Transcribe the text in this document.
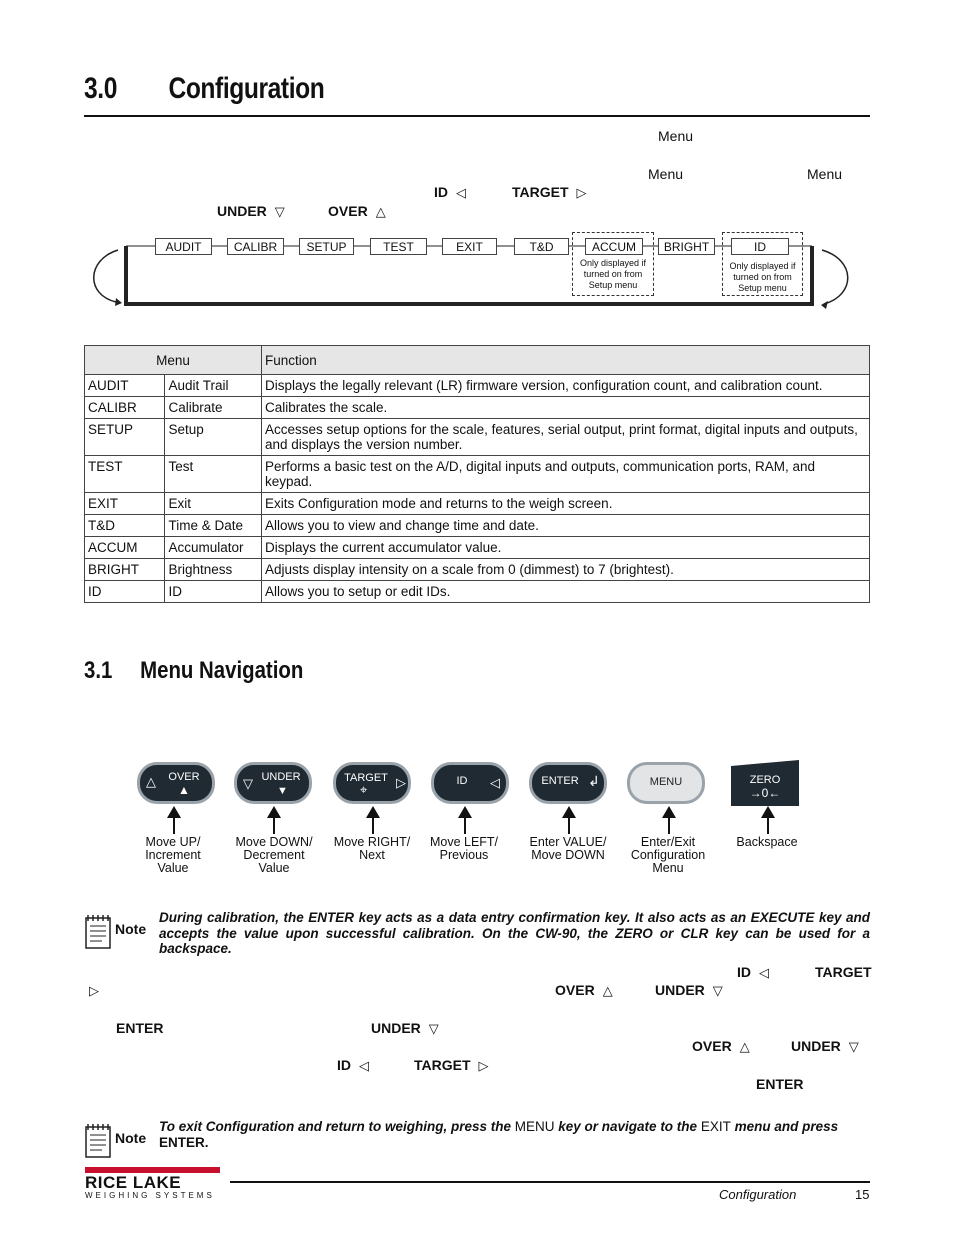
3.0 Configuration
Menu
Menu	Menu
ID ◁	TARGET ▷
UNDER ▽	OVER △
AUDIT	CALIBR	SETUP	TEST	EXIT	T&D	ACCUM	BRIGHT	ID
Only displayed if turned on from Setup menu
Only displayed if turned on from Setup menu
Menu		Function
AUDIT	Audit Trail	Displays the legally relevant (LR) firmware version, configuration count, and calibration count.
CALIBR	Calibrate	Calibrates the scale.
SETUP	Setup	Accesses setup options for the scale, features, serial output, print format, digital inputs and outputs, and displays the version number.
TEST	Test	Performs a basic test on the A/D, digital inputs and outputs, communication ports, RAM, and keypad.
EXIT	Exit	Exits Configuration mode and returns to the weigh screen.
T&D	Time & Date	Allows you to view and change time and date.
ACCUM	Accumulator	Displays the current accumulator value.
BRIGHT	Brightness	Adjusts display intensity on a scale from 0 (dimmest) to 7 (brightest).
ID	ID	Allows you to setup or edit IDs.
3.1 Menu Navigation
△	OVER
▲	▽ UNDER
▼
TARGET
⌖ ▷	ID	◁	ENTER ↲	MENU	ZERO
→0←
Move UP/
Increment
Value
Move DOWN/
Decrement
Value
Move RIGHT/
Next
Move LEFT/
Previous
Enter VALUE/
Move DOWN
Enter/Exit
Configuration
Menu
Backspace
Note
During calibration, the ENTER key acts as a data entry confirmation key. It also acts as an EXECUTE key and accepts the value upon successful calibration. On the CW-90, the ZERO or CLR key can be used for a backspace.
ID ◁	TARGET
▷	OVER △	UNDER ▽
ENTER	UNDER ▽
OVER △	UNDER ▽
ID ◁	TARGET ▷
ENTER
Note
To exit Configuration and return to weighing, press the MENU key or navigate to the EXIT menu and press
ENTER.
RICE LAKE
WEIGHING SYSTEMS	Configuration	15
